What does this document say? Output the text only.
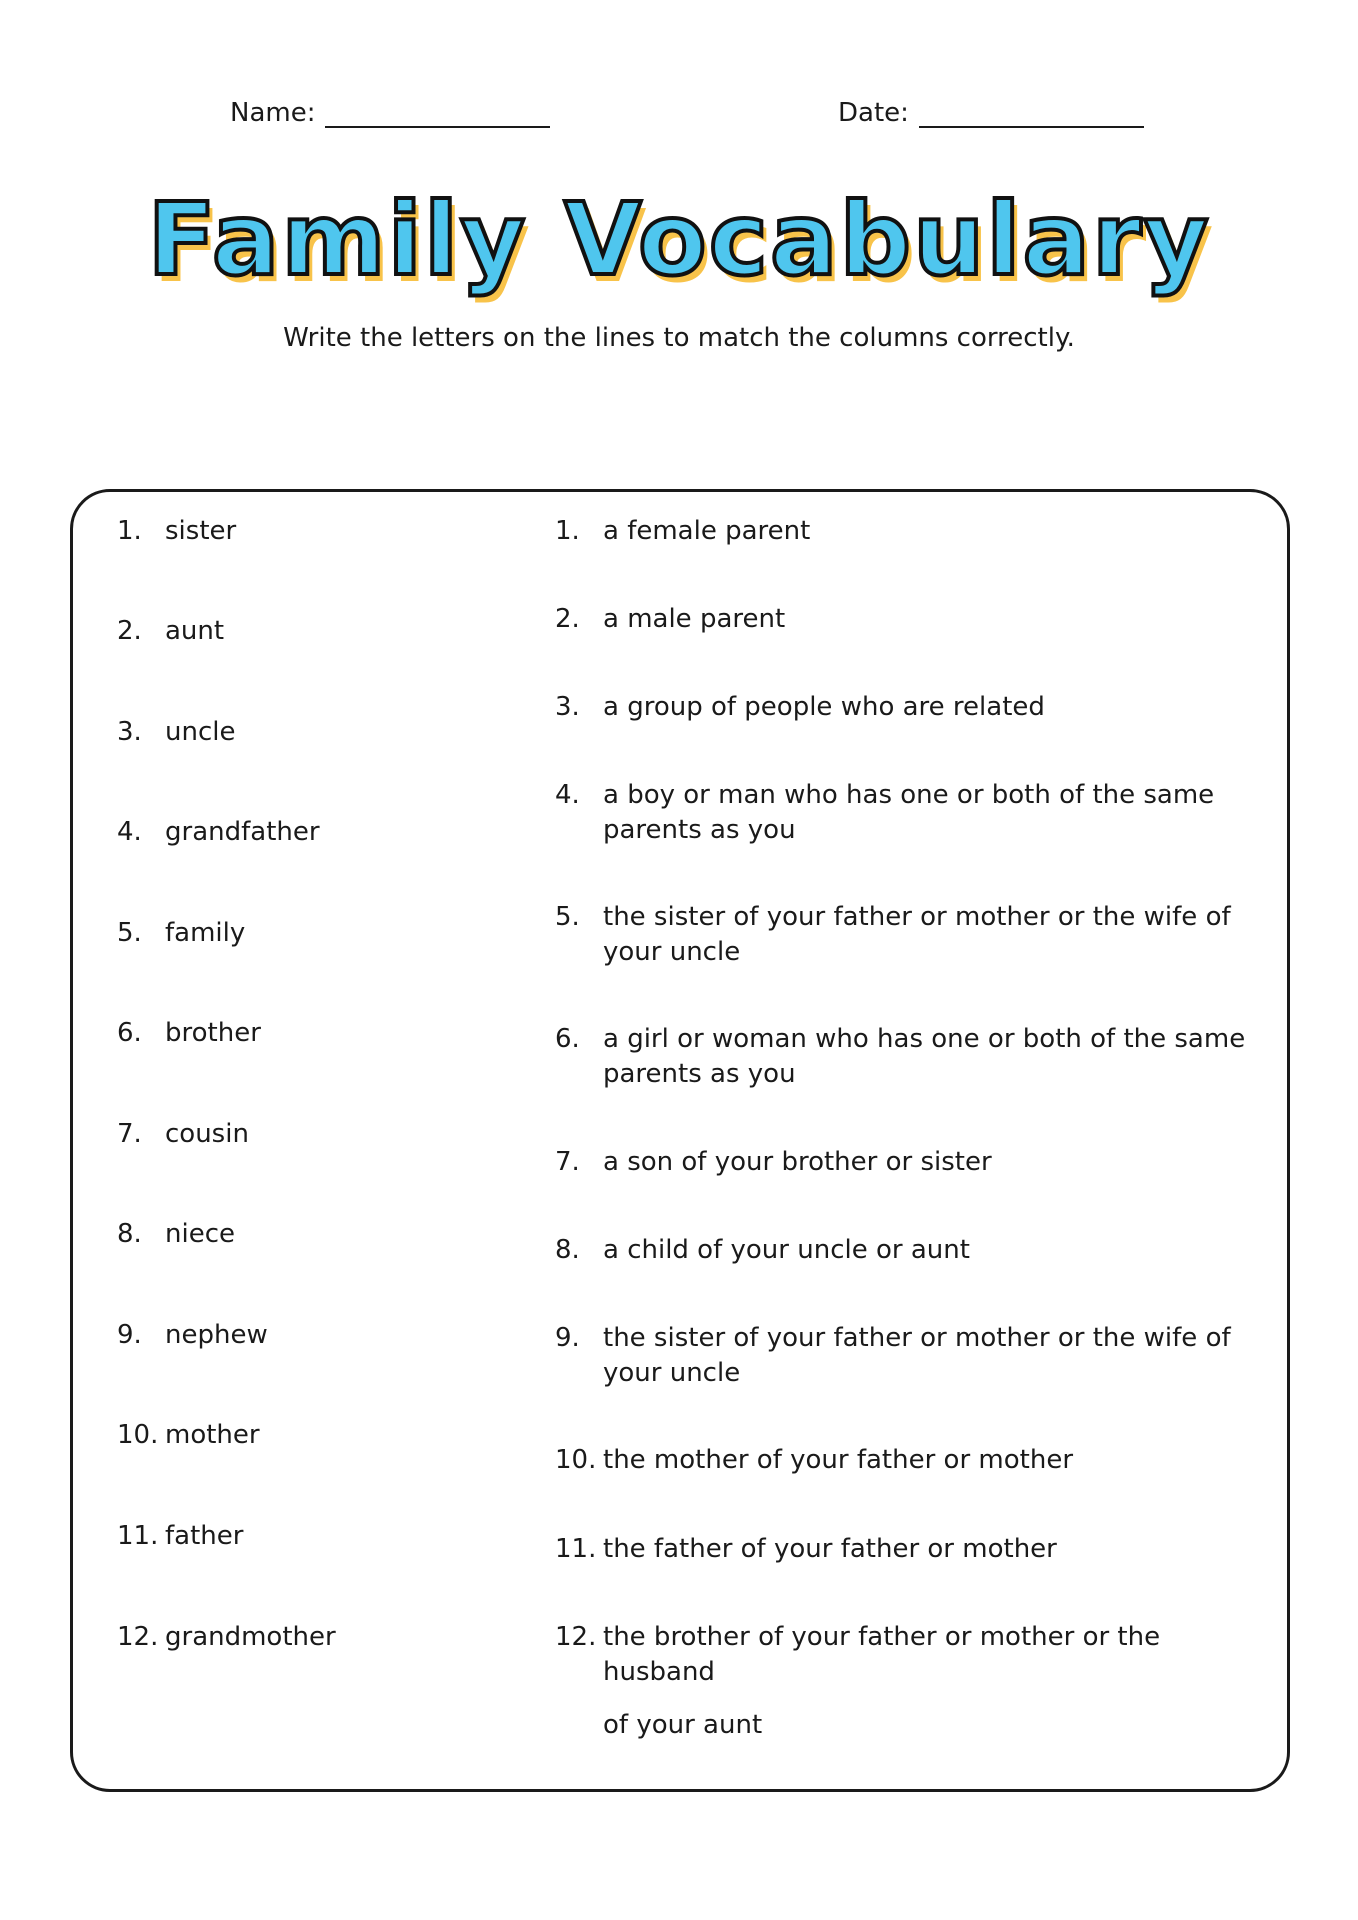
Name:	Date:
Family Vocabulary
Write the letters on the lines to match the columns correctly.
1. sister
2. aunt
3. uncle
4. grandfather
5. family
6. brother
7. cousin
8. niece
9. nephew
10. mother
11. father
12. grandmother
1. a female parent
2. a male parent
3. a group of people who are related
4. a boy or man who has one or both of the same parents as you
5. the sister of your father or mother or the wife of your uncle
6. a girl or woman who has one or both of the same parents as you
7. a son of your brother or sister
8. a child of your uncle or aunt
9. the sister of your father or mother or the wife of your uncle
10. the mother of your father or mother
11. the father of your father or mother
12. the brother of your father or mother or the husband
of your aunt
